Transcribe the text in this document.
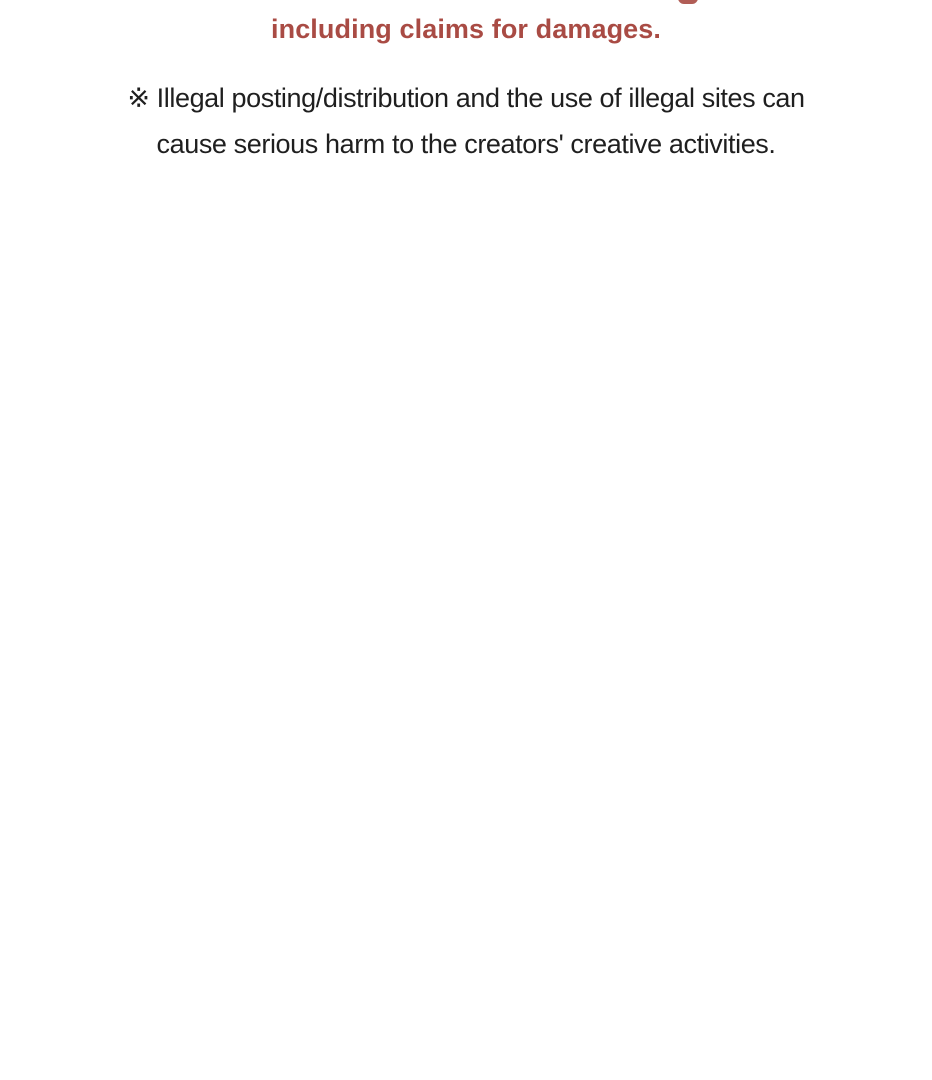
including claims for damages.

※ Illegal posting/distribution and the use of illegal sites can
cause serious harm to the creators' creative activities.
